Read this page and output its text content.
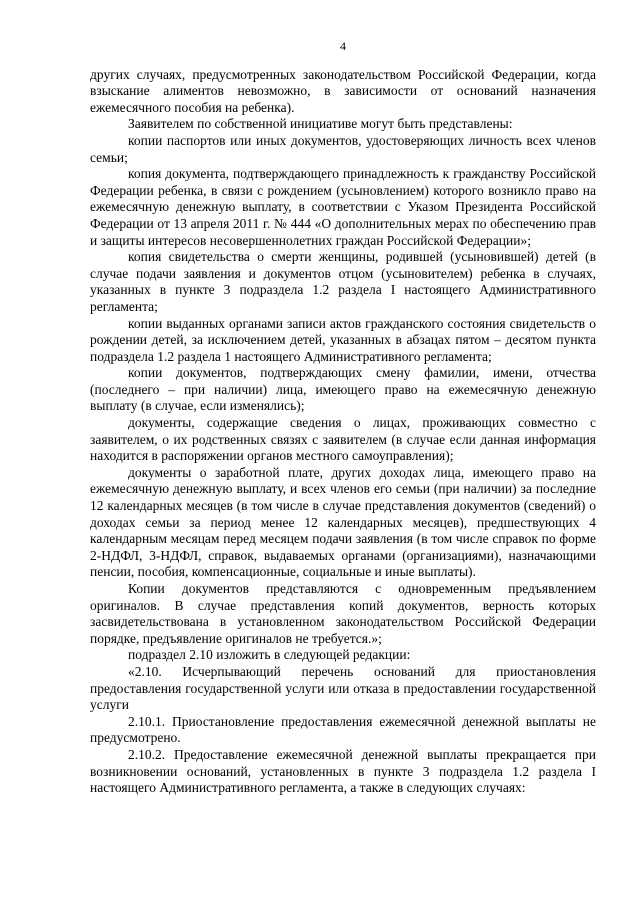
4

других случаях, предусмотренных законодательством Российской Федерации, когда взыскание алиментов невозможно, в зависимости от оснований назначения ежемесячного пособия на ребенка).

Заявителем по собственной инициативе могут быть представлены:

копии паспортов или иных документов, удостоверяющих личность всех членов семьи;

копия документа, подтверждающего принадлежность к гражданству Российской Федерации ребенка, в связи с рождением (усыновлением) которого возникло право на ежемесячную денежную выплату, в соответствии с Указом Президента Российской Федерации от 13 апреля 2011 г. № 444 «О дополнительных мерах по обеспечению прав и защиты интересов несовершеннолетних граждан Российской Федерации»;

копия свидетельства о смерти женщины, родившей (усыновившей) детей (в случае подачи заявления и документов отцом (усыновителем) ребенка в случаях, указанных в пункте 3 подраздела 1.2 раздела I настоящего Административного регламента;

копии выданных органами записи актов гражданского состояния свидетельств о рождении детей, за исключением детей, указанных в абзацах пятом – десятом пункта подраздела 1.2 раздела 1 настоящего Административного регламента;

копии документов, подтверждающих смену фамилии, имени, отчества (последнего – при наличии) лица, имеющего право на ежемесячную денежную выплату (в случае, если изменялись);

документы, содержащие сведения о лицах, проживающих совместно с заявителем, о их родственных связях с заявителем (в случае если данная информация находится в распоряжении органов местного самоуправления);

документы о заработной плате, других доходах лица, имеющего право на ежемесячную денежную выплату, и всех членов его семьи (при наличии) за последние 12 календарных месяцев (в том числе в случае представления документов (сведений) о доходах семьи за период менее 12 календарных месяцев), предшествующих 4 календарным месяцам перед месяцем подачи заявления (в том числе справок по форме 2-НДФЛ, 3-НДФЛ, справок, выдаваемых органами (организациями), назначающими пенсии, пособия, компенсационные, социальные и иные выплаты).

Копии документов представляются с одновременным предъявлением оригиналов. В случае представления копий документов, верность которых засвидетельствована в установленном законодательством Российской Федерации порядке, предъявление оригиналов не требуется.»;

подраздел 2.10 изложить в следующей редакции:

«2.10. Исчерпывающий перечень оснований для приостановления предоставления государственной услуги или отказа в предоставлении государственной услуги

2.10.1. Приостановление предоставления ежемесячной денежной выплаты не предусмотрено.

2.10.2. Предоставление ежемесячной денежной выплаты прекращается при возникновении оснований, установленных в пункте 3 подраздела 1.2 раздела I настоящего Административного регламента, а также в следующих случаях:
